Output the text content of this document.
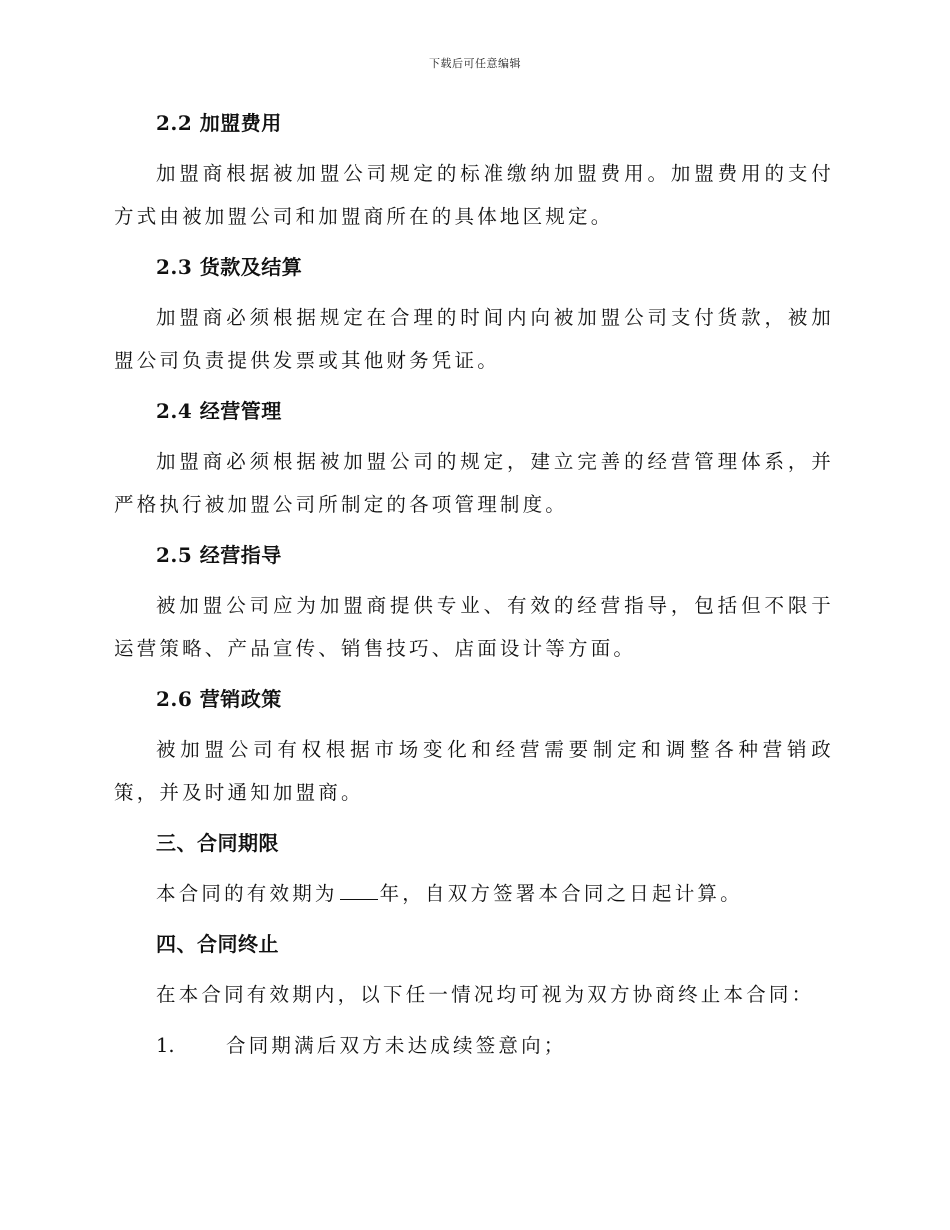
下载后可任意编辑
2.2 加盟费用

加盟商根据被加盟公司规定的标准缴纳加盟费用。加盟费用的支付方式由被加盟公司和加盟商所在的具体地区规定。

2.3 货款及结算

加盟商必须根据规定在合理的时间内向被加盟公司支付货款，被加盟公司负责提供发票或其他财务凭证。

2.4 经营管理

加盟商必须根据被加盟公司的规定，建立完善的经营管理体系，并严格执行被加盟公司所制定的各项管理制度。

2.5 经营指导

被加盟公司应为加盟商提供专业、有效的经营指导，包括但不限于运营策略、产品宣传、销售技巧、店面设计等方面。

2.6 营销政策

被加盟公司有权根据市场变化和经营需要制定和调整各种营销政策，并及时通知加盟商。

三、合同期限

本合同的有效期为 年，自双方签署本合同之日起计算。

四、合同终止

在本合同有效期内，以下任一情况均可视为双方协商终止本合同：

1.	合同期满后双方未达成续签意向；
